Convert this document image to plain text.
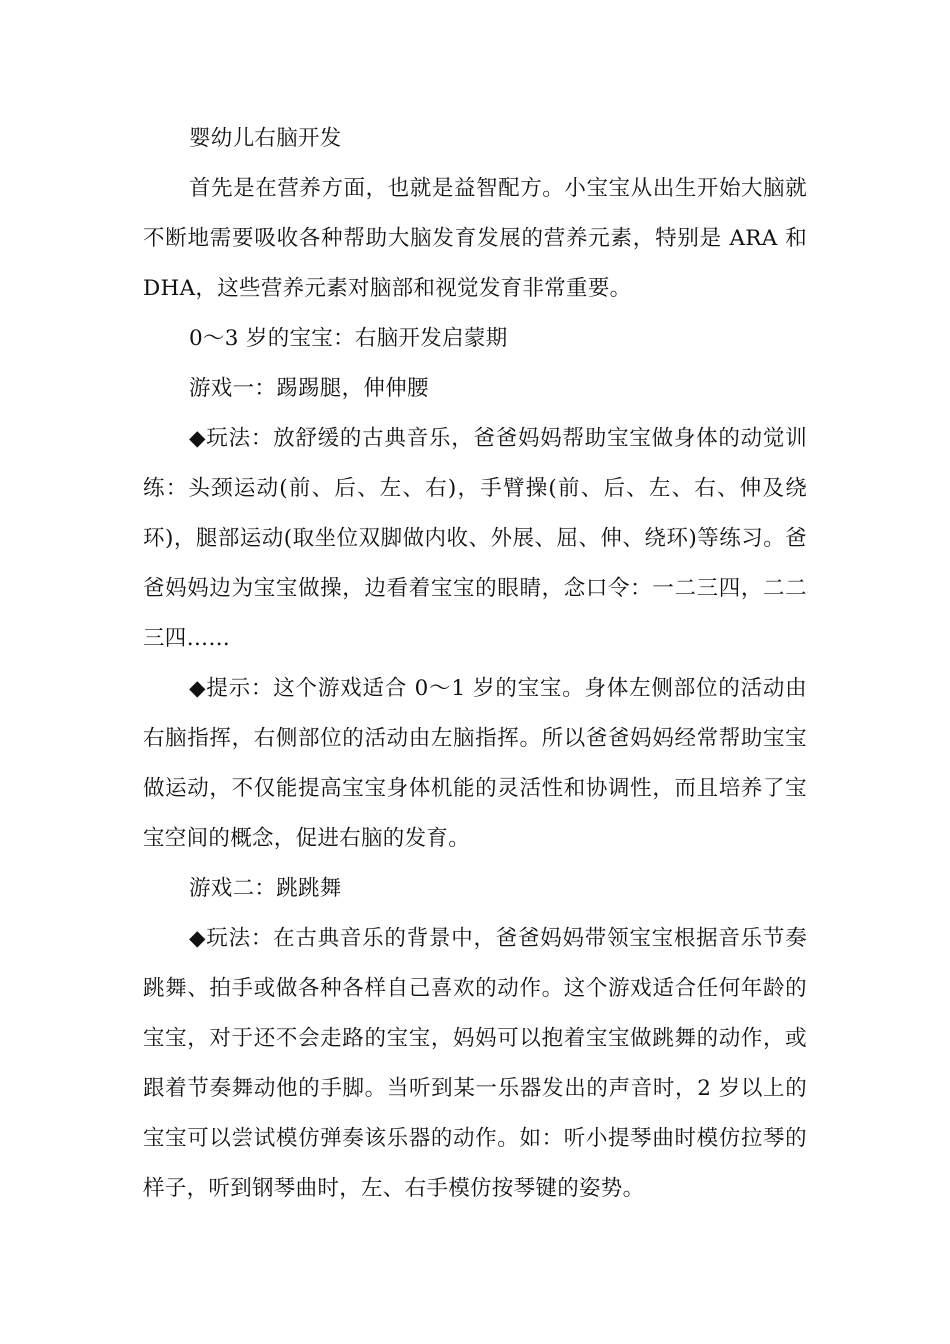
婴幼儿右脑开发

首先是在营养方面，也就是益智配方。小宝宝从出生开始大脑就不断地需要吸收各种帮助大脑发育发展的营养元素，特别是 ARA 和 DHA，这些营养元素对脑部和视觉发育非常重要。

0～3 岁的宝宝：右脑开发启蒙期

游戏一：踢踢腿，伸伸腰

◆玩法：放舒缓的古典音乐，爸爸妈妈帮助宝宝做身体的动觉训练：头颈运动(前、后、左、右)，手臂操(前、后、左、右、伸及绕环)，腿部运动(取坐位双脚做内收、外展、屈、伸、绕环)等练习。爸爸妈妈边为宝宝做操，边看着宝宝的眼睛，念口令：一二三四，二二三四……

◆提示：这个游戏适合 0～1 岁的宝宝。身体左侧部位的活动由右脑指挥，右侧部位的活动由左脑指挥。所以爸爸妈妈经常帮助宝宝做运动，不仅能提高宝宝身体机能的灵活性和协调性，而且培养了宝宝空间的概念，促进右脑的发育。

游戏二：跳跳舞

◆玩法：在古典音乐的背景中，爸爸妈妈带领宝宝根据音乐节奏跳舞、拍手或做各种各样自己喜欢的动作。这个游戏适合任何年龄的宝宝，对于还不会走路的宝宝，妈妈可以抱着宝宝做跳舞的动作，或跟着节奏舞动他的手脚。当听到某一乐器发出的声音时，2 岁以上的宝宝可以尝试模仿弹奏该乐器的动作。如：听小提琴曲时模仿拉琴的样子，听到钢琴曲时，左、右手模仿按琴键的姿势。
